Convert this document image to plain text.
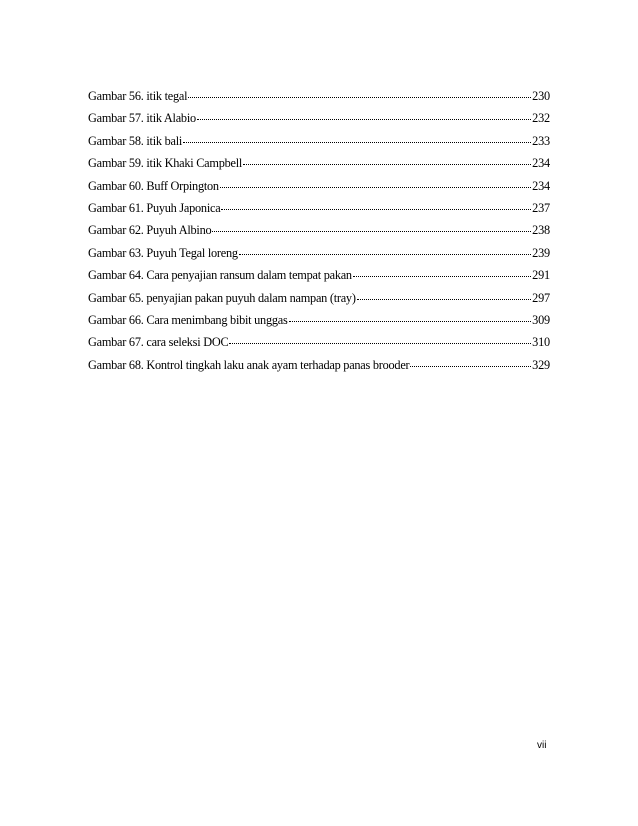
Gambar 56. itik tegal	230
Gambar 57. itik Alabio	232
Gambar 58. itik bali	233
Gambar 59. itik Khaki Campbell	234
Gambar 60. Buff Orpington	234
Gambar 61. Puyuh Japonica	237
Gambar 62. Puyuh Albino	238
Gambar 63. Puyuh Tegal loreng	239
Gambar 64. Cara penyajian ransum dalam tempat pakan	291
Gambar 65. penyajian pakan puyuh dalam nampan (tray)	297
Gambar 66. Cara menimbang bibit unggas	309
Gambar 67. cara seleksi DOC	310
Gambar 68. Kontrol tingkah laku anak ayam terhadap panas brooder	329
vii
